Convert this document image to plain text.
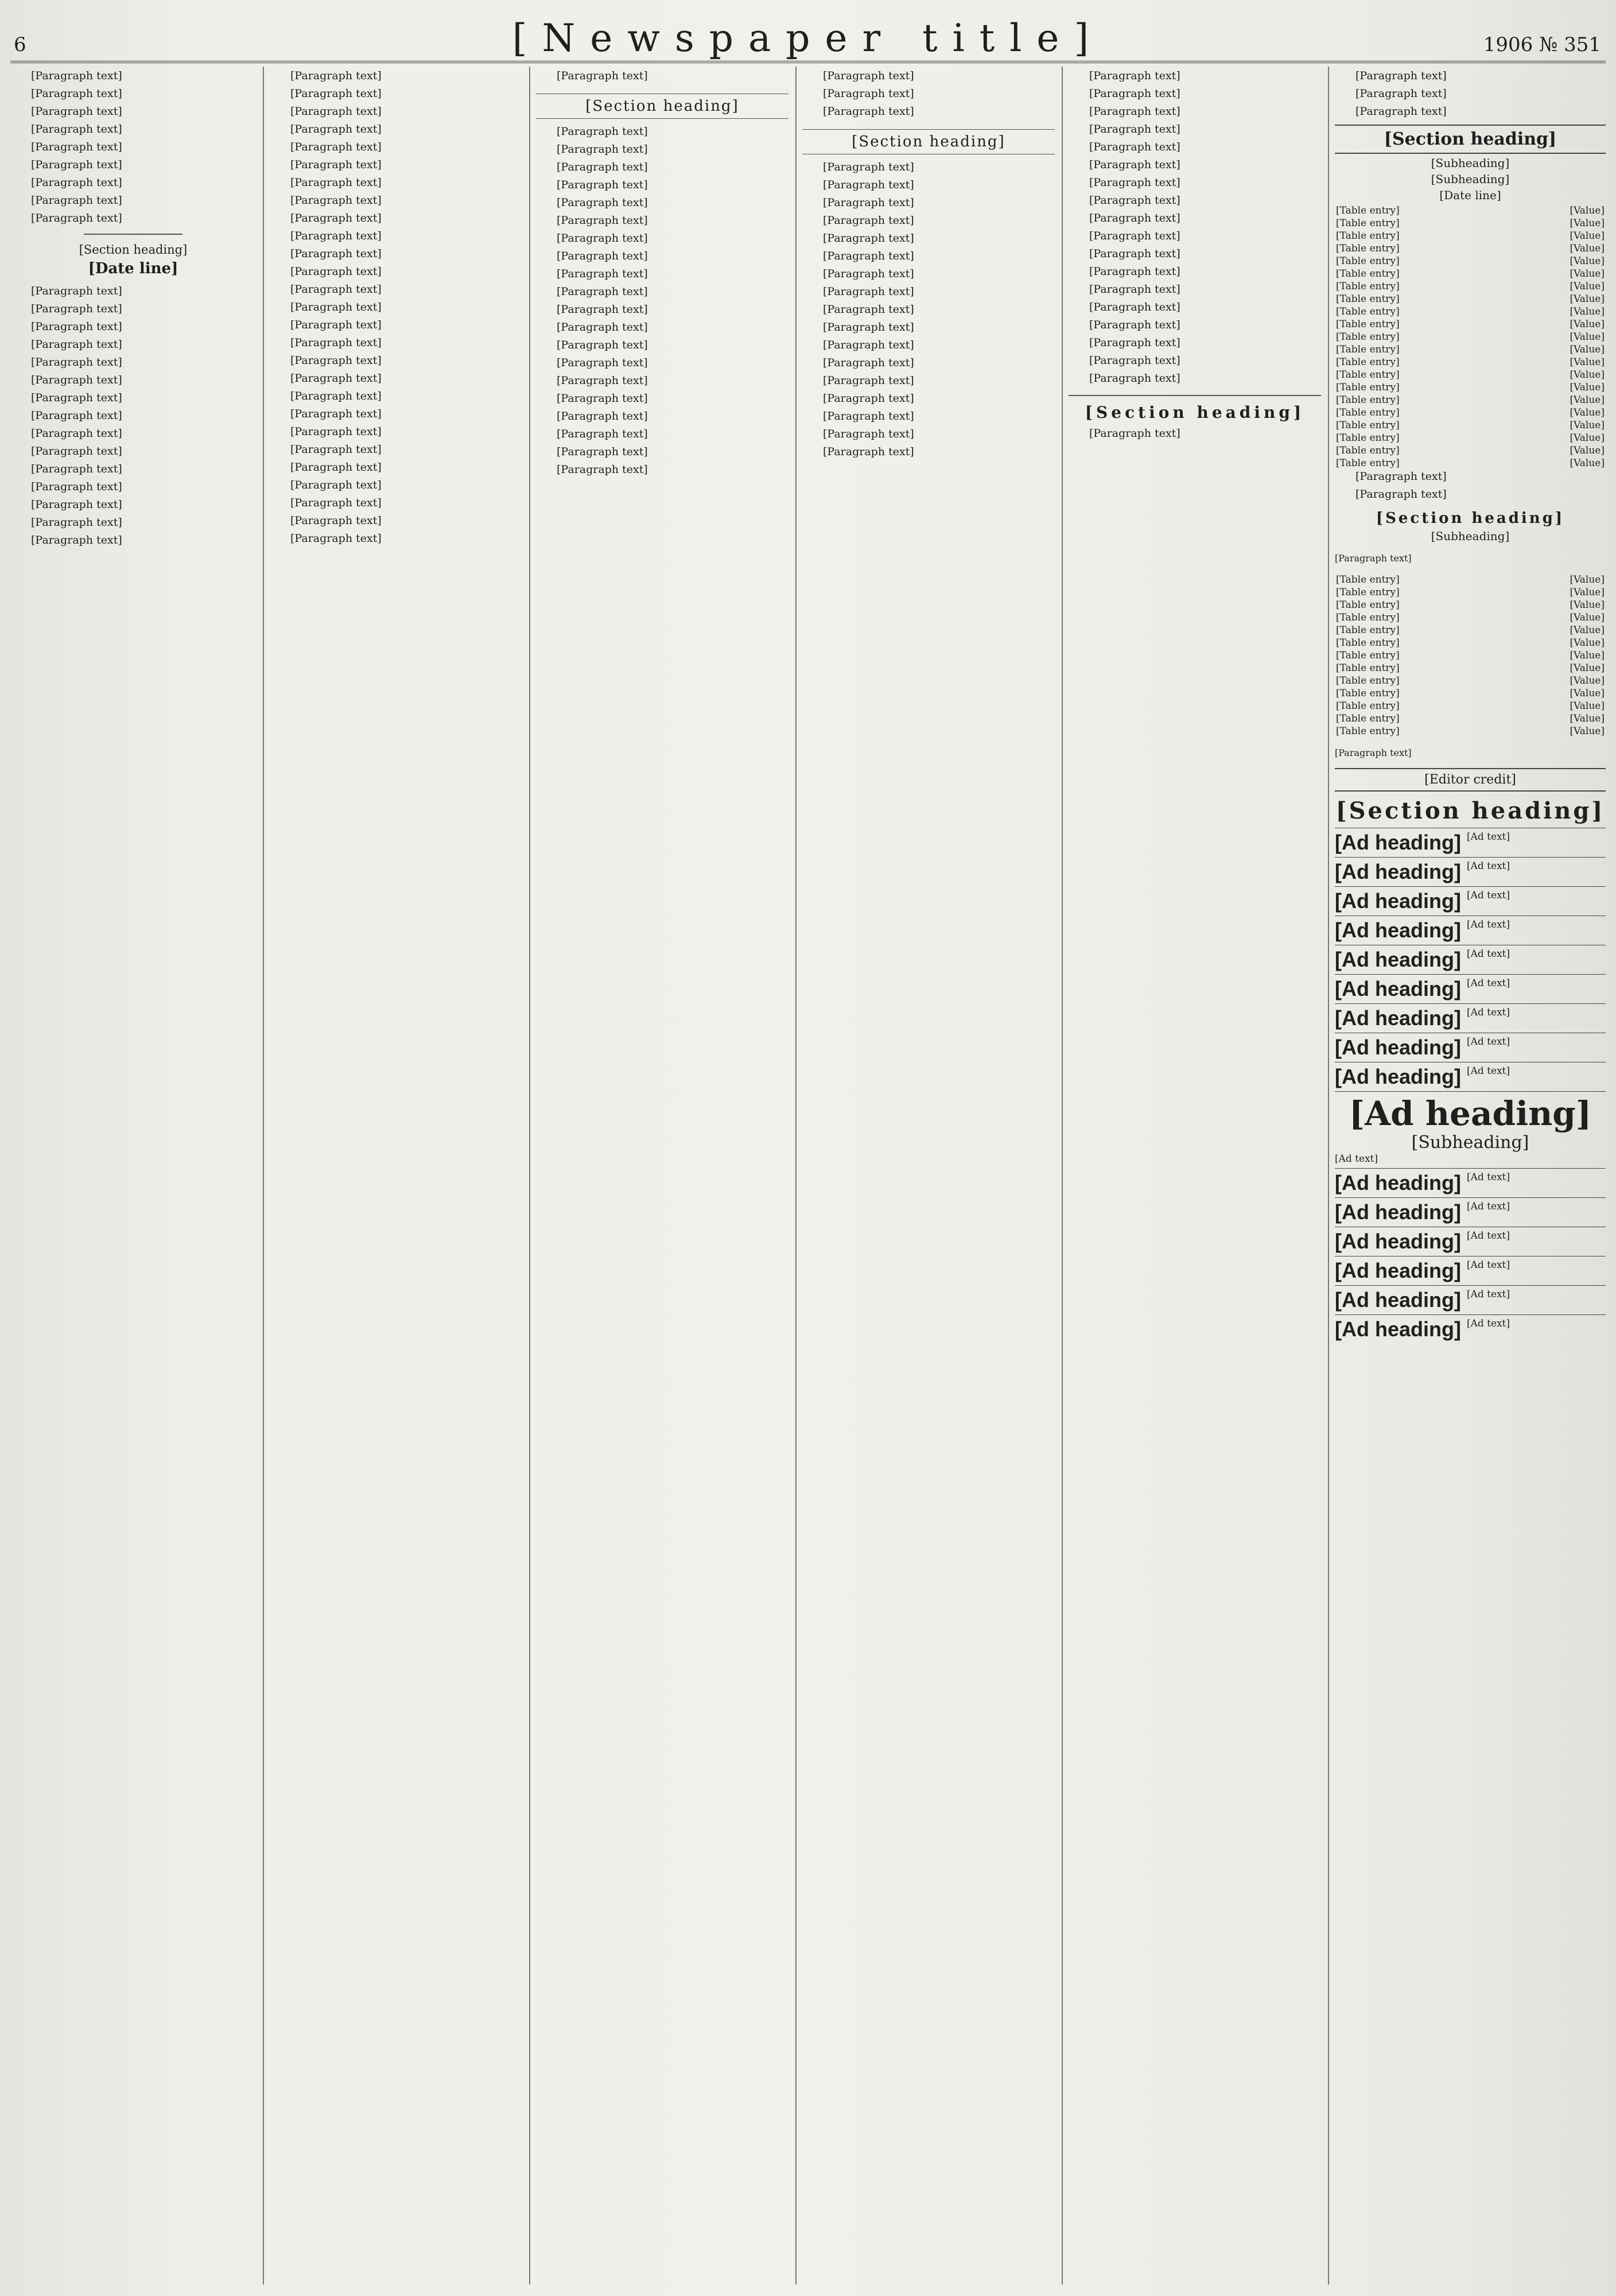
6	[Newspaper title]	1906 № 351

[Paragraph text]

[Paragraph text]

[Paragraph text]

[Paragraph text]

[Paragraph text]

[Paragraph text]

[Paragraph text]

[Paragraph text]

[Paragraph text]

[Section heading]
[Date line]

[Paragraph text]

[Paragraph text]

[Paragraph text]

[Paragraph text]

[Paragraph text]

[Paragraph text]

[Paragraph text]

[Paragraph text]

[Paragraph text]

[Paragraph text]

[Paragraph text]

[Paragraph text]

[Paragraph text]

[Paragraph text]

[Paragraph text]

[Paragraph text]

[Paragraph text]

[Paragraph text]

[Paragraph text]

[Paragraph text]

[Paragraph text]

[Paragraph text]

[Paragraph text]

[Paragraph text]

[Paragraph text]

[Paragraph text]

[Paragraph text]

[Paragraph text]

[Paragraph text]

[Paragraph text]

[Paragraph text]

[Paragraph text]

[Paragraph text]

[Paragraph text]

[Paragraph text]

[Paragraph text]

[Paragraph text]

[Paragraph text]

[Paragraph text]

[Paragraph text]

[Paragraph text]

[Paragraph text]

[Paragraph text]

[Section heading]

[Paragraph text]

[Paragraph text]

[Paragraph text]

[Paragraph text]

[Paragraph text]

[Paragraph text]

[Paragraph text]

[Paragraph text]

[Paragraph text]

[Paragraph text]

[Paragraph text]

[Paragraph text]

[Paragraph text]

[Paragraph text]

[Paragraph text]

[Paragraph text]

[Paragraph text]

[Paragraph text]

[Paragraph text]

[Paragraph text]

[Paragraph text]

[Paragraph text]

[Paragraph text]

[Section heading]

[Paragraph text]

[Paragraph text]

[Paragraph text]

[Paragraph text]

[Paragraph text]

[Paragraph text]

[Paragraph text]

[Paragraph text]

[Paragraph text]

[Paragraph text]

[Paragraph text]

[Paragraph text]

[Paragraph text]

[Paragraph text]

[Paragraph text]

[Paragraph text]

[Paragraph text]

[Paragraph text]

[Paragraph text]

[Paragraph text]

[Paragraph text]

[Paragraph text]

[Paragraph text]

[Paragraph text]

[Paragraph text]

[Paragraph text]

[Paragraph text]

[Paragraph text]

[Paragraph text]

[Paragraph text]

[Paragraph text]

[Paragraph text]

[Paragraph text]

[Paragraph text]

[Paragraph text]

[Section heading]

[Paragraph text]

[Paragraph text]

[Paragraph text]

[Paragraph text]

[Section heading]
[Subheading]
[Subheading]
[Date line]
[Table entry]	[Value]
[Table entry]	[Value]
[Table entry]	[Value]
[Table entry]	[Value]
[Table entry]	[Value]
[Table entry]	[Value]
[Table entry]	[Value]
[Table entry]	[Value]
[Table entry]	[Value]
[Table entry]	[Value]
[Table entry]	[Value]
[Table entry]	[Value]
[Table entry]	[Value]
[Table entry]	[Value]
[Table entry]	[Value]
[Table entry]	[Value]
[Table entry]	[Value]
[Table entry]	[Value]
[Table entry]	[Value]
[Table entry]	[Value]
[Table entry]	[Value]

[Paragraph text]

[Paragraph text]

[Section heading]
[Subheading]

[Paragraph text]

[Table entry]	[Value]
[Table entry]	[Value]
[Table entry]	[Value]
[Table entry]	[Value]
[Table entry]	[Value]
[Table entry]	[Value]
[Table entry]	[Value]
[Table entry]	[Value]
[Table entry]	[Value]
[Table entry]	[Value]
[Table entry]	[Value]
[Table entry]	[Value]
[Table entry]	[Value]

[Paragraph text]

[Editor credit]
[Section heading]
[Ad heading] [Ad text]
[Ad heading] [Ad text]
[Ad heading] [Ad text]
[Ad heading] [Ad text]
[Ad heading] [Ad text]
[Ad heading] [Ad text]
[Ad heading] [Ad text]
[Ad heading] [Ad text]
[Ad heading] [Ad text]
[Ad heading]
[Subheading]
[Ad text]
[Ad heading] [Ad text]
[Ad heading] [Ad text]
[Ad heading] [Ad text]
[Ad heading] [Ad text]
[Ad heading] [Ad text]
[Ad heading] [Ad text]
